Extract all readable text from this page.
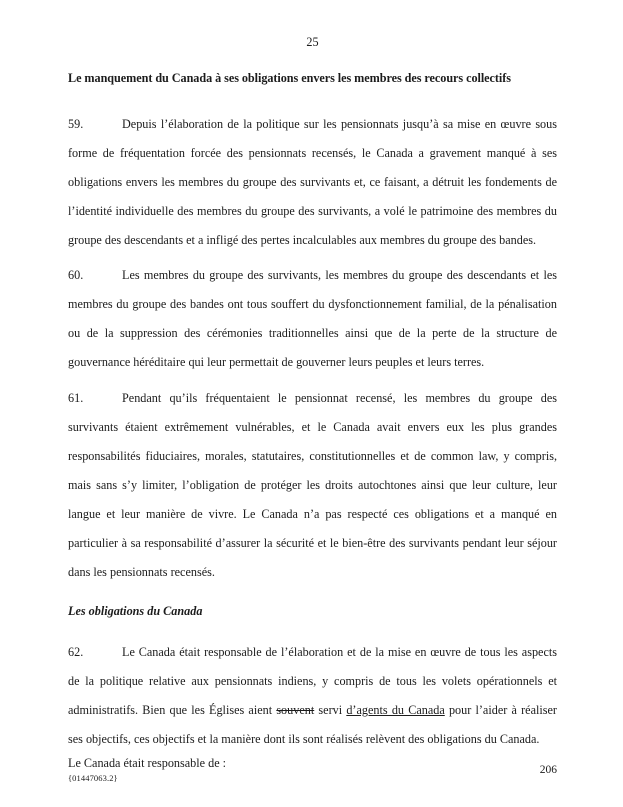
25
Le manquement du Canada à ses obligations envers les membres des recours collectifs

59.	Depuis l’élaboration de la politique sur les pensionnats jusqu’à sa mise en œuvre sous forme de fréquentation forcée des pensionnats recensés, le Canada a gravement manqué à ses obligations envers les membres du groupe des survivants et, ce faisant, a détruit les fondements de l’identité individuelle des membres du groupe des survivants, a volé le patrimoine des membres du groupe des descendants et a infligé des pertes incalculables aux membres du groupe des bandes.

60.	Les membres du groupe des survivants, les membres du groupe des descendants et les membres du groupe des bandes ont tous souffert du dysfonctionnement familial, de la pénalisation ou de la suppression des cérémonies traditionnelles ainsi que de la perte de la structure de gouvernance héréditaire qui leur permettait de gouverner leurs peuples et leurs terres.

61.	Pendant qu’ils fréquentaient le pensionnat recensé, les membres du groupe des survivants étaient extrêmement vulnérables, et le Canada avait envers eux les plus grandes responsabilités fiduciaires, morales, statutaires, constitutionnelles et de common law, y compris, mais sans s’y limiter, l’obligation de protéger les droits autochtones ainsi que leur culture, leur langue et leur manière de vivre. Le Canada n’a pas respecté ces obligations et a manqué en particulier à sa responsabilité d’assurer la sécurité et le bien-être des survivants pendant leur séjour dans les pensionnats recensés.

Les obligations du Canada

62.	Le Canada était responsable de l’élaboration et de la mise en œuvre de tous les aspects de la politique relative aux pensionnats indiens, y compris de tous les volets opérationnels et administratifs. Bien que les Églises aient souvent servi d’agents du Canada pour l’aider à réaliser ses objectifs, ces objectifs et la manière dont ils sont réalisés relèvent des obligations du Canada.

Le Canada était responsable de :

{01447063.2}

206
